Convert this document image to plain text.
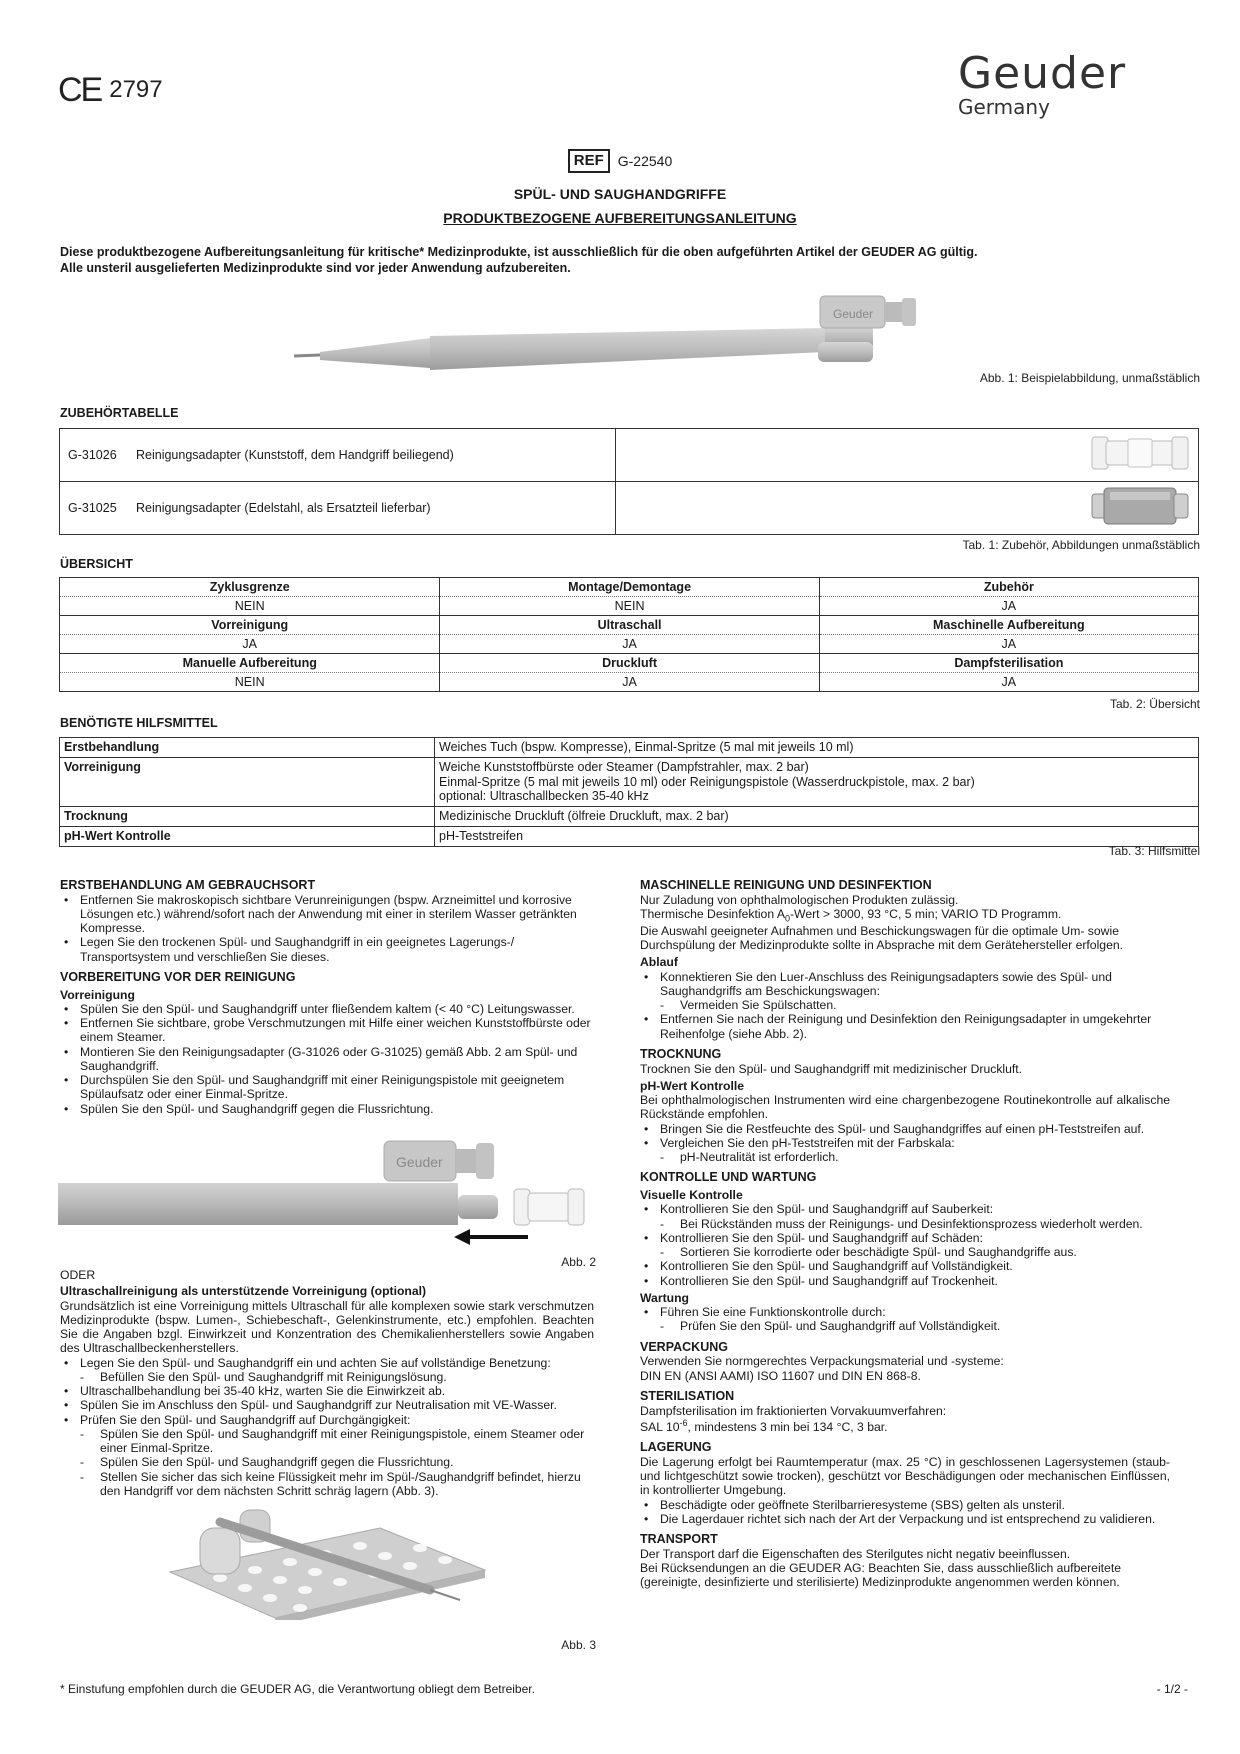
CE 2797	Geuder
Germany
REF	G-22540
SPÜL- UND SAUGHANDGRIFFE
PRODUKTBEZOGENE AUFBEREITUNGSANLEITUNG
Diese produktbezogene Aufbereitungsanleitung für kritische* Medizinprodukte, ist ausschließlich für die oben aufgeführten Artikel der GEUDER AG gültig.
Alle unsteril ausgelieferten Medizinprodukte sind vor jeder Anwendung aufzubereiten.
Geuder
Abb. 1: Beispielabbildung, unmaßstäblich
ZUBEHÖRTABELLE
G-31026 Reinigungsadapter (Kunststoff, dem Handgriff beiliegend)	
G-31025 Reinigungsadapter (Edelstahl, als Ersatzteil lieferbar)	
Tab. 1: Zubehör, Abbildungen unmaßstäblich
ÜBERSICHT
Zyklusgrenze	Montage/Demontage	Zubehör
NEIN	NEIN	JA
Vorreinigung	Ultraschall	Maschinelle Aufbereitung
JA	JA	JA
Manuelle Aufbereitung	Druckluft	Dampfsterilisation
NEIN	JA	JA
Tab. 2: Übersicht
BENÖTIGTE HILFSMITTEL
Erstbehandlung	Weiches Tuch (bspw. Kompresse), Einmal-Spritze (5 mal mit jeweils 10 ml)

Vorreinigung	Weiche Kunststoffbürste oder Steamer (Dampfstrahler, max. 2 bar)
Einmal-Spritze (5 mal mit jeweils 10 ml) oder Reinigungspistole (Wasserdruckpistole, max. 2 bar)
optional: Ultraschallbecken 35-40 kHz

Trocknung	Medizinische Druckluft (ölfreie Druckluft, max. 2 bar)

pH-Wert Kontrolle	pH-Teststreifen
Tab. 3: Hilfsmittel
ERSTBEHANDLUNG AM GEBRAUCHSORT
• Entfernen Sie makroskopisch sichtbare Verunreinigungen (bspw. Arzneimittel und korrosive Lösungen etc.) während/sofort nach der Anwendung mit einer in sterilem Wasser getränkten Kompresse.
• Legen Sie den trockenen Spül- und Saughandgriff in ein geeignetes Lagerungs-/ Transportsystem und verschließen Sie dieses.
VORBEREITUNG VOR DER REINIGUNG
Vorreinigung
• Spülen Sie den Spül- und Saughandgriff unter fließendem kaltem (< 40 °C) Leitungswasser.
• Entfernen Sie sichtbare, grobe Verschmutzungen mit Hilfe einer weichen Kunststoffbürste oder einem Steamer.
• Montieren Sie den Reinigungsadapter (G-31026 oder G-31025) gemäß Abb. 2 am Spül- und Saughandgriff.
• Durchspülen Sie den Spül- und Saughandgriff mit einer Reinigungspistole mit geeignetem Spülaufsatz oder einer Einmal-Spritze.
• Spülen Sie den Spül- und Saughandgriff gegen die Flussrichtung.
Geuder
Abb. 2
ODER
Ultraschallreinigung als unterstützende Vorreinigung (optional)

Grundsätzlich ist eine Vorreinigung mittels Ultraschall für alle komplexen sowie stark verschmutzen Medizinprodukte (bspw. Lumen-, Schiebeschaft-, Gelenkinstrumente, etc.) empfohlen. Beachten Sie die Angaben bzgl. Einwirkzeit und Konzentration des Chemikalienherstellers sowie Angaben des Ultraschallbeckenherstellers.

• Legen Sie den Spül- und Saughandgriff ein und achten Sie auf vollständige Benetzung:
- Befüllen Sie den Spül- und Saughandgriff mit Reinigungslösung.
• Ultraschallbehandlung bei 35-40 kHz, warten Sie die Einwirkzeit ab.
• Spülen Sie im Anschluss den Spül- und Saughandgriff zur Neutralisation mit VE-Wasser.
• Prüfen Sie den Spül- und Saughandgriff auf Durchgängigkeit:
- Spülen Sie den Spül- und Saughandgriff mit einer Reinigungspistole, einem Steamer oder einer Einmal-Spritze.
- Spülen Sie den Spül- und Saughandgriff gegen die Flussrichtung.
- Stellen Sie sicher das sich keine Flüssigkeit mehr im Spül-/Saughandgriff befindet, hierzu den Handgriff vor dem nächsten Schritt schräg lagern (Abb. 3).
Abb. 3
MASCHINELLE REINIGUNG UND DESINFEKTION

Nur Zuladung von ophthalmologischen Produkten zulässig.

Thermische Desinfektion $A_0$-Wert > 3000, 93 °C, 5 min; VARIO TD Programm.

Die Auswahl geeigneter Aufnahmen und Beschickungswagen für die optimale Um- sowie Durchspülung der Medizinprodukte sollte in Absprache mit dem Gerätehersteller erfolgen.

Ablauf
• Konnektieren Sie den Luer-Anschluss des Reinigungsadapters sowie des Spül- und Saughandgriffs am Beschickungswagen:
- Vermeiden Sie Spülschatten.
• Entfernen Sie nach der Reinigung und Desinfektion den Reinigungsadapter in umgekehrter Reihenfolge (siehe Abb. 2).
TROCKNUNG

Trocknen Sie den Spül- und Saughandgriff mit medizinischer Druckluft.

pH-Wert Kontrolle

Bei ophthalmologischen Instrumenten wird eine chargenbezogene Routinekontrolle auf alkalische Rückstände empfohlen.

• Bringen Sie die Restfeuchte des Spül- und Saughandgriffes auf einen pH-Teststreifen auf.
• Vergleichen Sie den pH-Teststreifen mit der Farbskala:
- pH-Neutralität ist erforderlich.
KONTROLLE UND WARTUNG
Visuelle Kontrolle
• Kontrollieren Sie den Spül- und Saughandgriff auf Sauberkeit:
- Bei Rückständen muss der Reinigungs- und Desinfektionsprozess wiederholt werden.
• Kontrollieren Sie den Spül- und Saughandgriff auf Schäden:
- Sortieren Sie korrodierte oder beschädigte Spül- und Saughandgriffe aus.
• Kontrollieren Sie den Spül- und Saughandgriff auf Vollständigkeit.
• Kontrollieren Sie den Spül- und Saughandgriff auf Trockenheit.
Wartung
• Führen Sie eine Funktionskontrolle durch:
- Prüfen Sie den Spül- und Saughandgriff auf Vollständigkeit.
VERPACKUNG

Verwenden Sie normgerechtes Verpackungsmaterial und -systeme:

DIN EN (ANSI AAMI) ISO 11607 und DIN EN 868-8.

STERILISATION

Dampfsterilisation im fraktionierten Vorvakuumverfahren:

SAL $10^{-6}$, mindestens 3 min bei 134 °C, 3 bar.

LAGERUNG

Die Lagerung erfolgt bei Raumtemperatur (max. 25 °C) in geschlossenen Lagersystemen (staub- und lichtgeschützt sowie trocken), geschützt vor Beschädigungen oder mechanischen Einflüssen, in kontrollierter Umgebung.

• Beschädigte oder geöffnete Sterilbarrieresysteme (SBS) gelten als unsteril.
• Die Lagerdauer richtet sich nach der Art der Verpackung und ist entsprechend zu validieren.
TRANSPORT

Der Transport darf die Eigenschaften des Sterilgutes nicht negativ beeinflussen.

Bei Rücksendungen an die GEUDER AG: Beachten Sie, dass ausschließlich aufbereitete (gereinigte, desinfizierte und sterilisierte) Medizinprodukte angenommen werden können.

* Einstufung empfohlen durch die GEUDER AG, die Verantwortung obliegt dem Betreiber.	- 1/2 -
